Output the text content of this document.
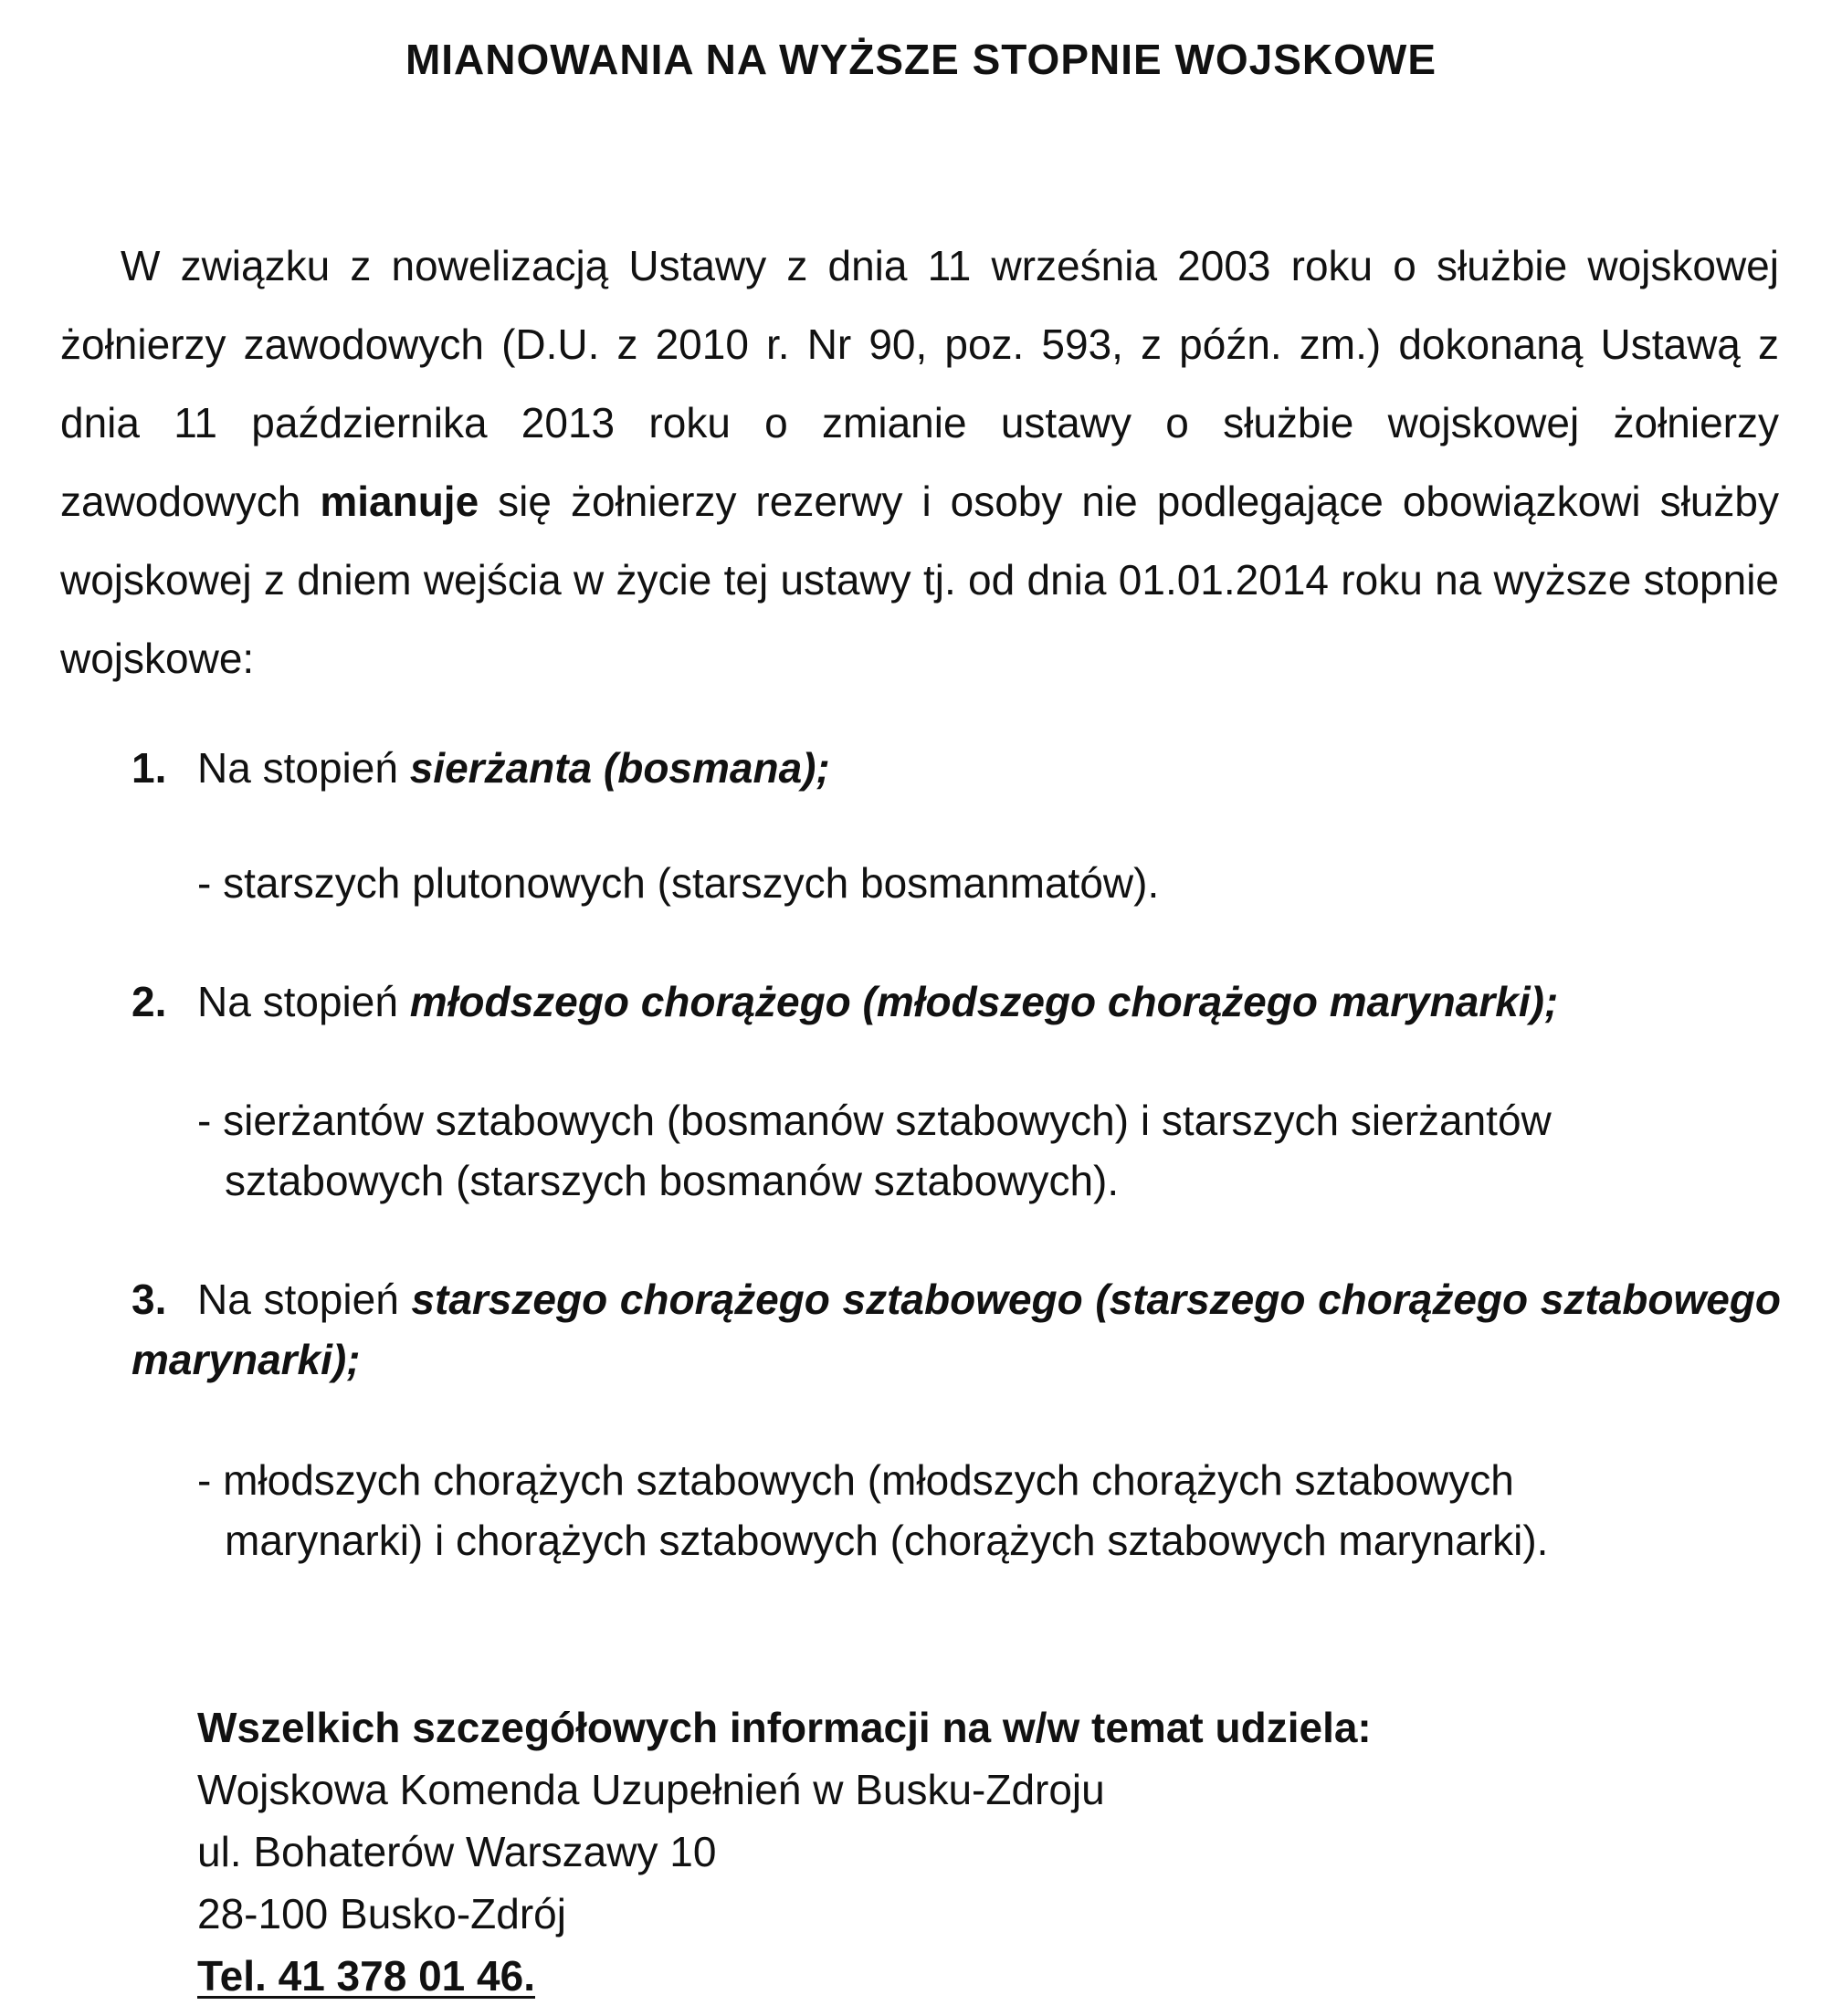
MIANOWANIA NA WYŻSZE STOPNIE WOJSKOWE

W związku z nowelizacją Ustawy z dnia 11 września 2003 roku o służbie wojskowej żołnierzy zawodowych (D.U. z 2010 r. Nr 90, poz. 593, z późn. zm.) dokonaną Ustawą z dnia 11 października 2013 roku o zmianie ustawy o służbie wojskowej żołnierzy zawodowych mianuje się żołnierzy rezerwy i osoby nie podlegające obowiązkowi służby wojskowej z dniem wejścia w życie tej ustawy tj. od dnia 01.01.2014 roku na wyższe stopnie wojskowe:

1. Na stopień sierżanta (bosmana);

- starszych plutonowych (starszych bosmanmatów).

2. Na stopień młodszego chorążego (młodszego chorążego marynarki);

- sierżantów sztabowych (bosmanów sztabowych) i starszych sierżantów
sztabowych (starszych bosmanów sztabowych).

3. Na stopień starszego chorążego sztabowego (starszego chorążego sztabowego marynarki);

- młodszych chorążych sztabowych (młodszych chorążych sztabowych
marynarki) i chorążych sztabowych (chorążych sztabowych marynarki).

Wszelkich szczegółowych informacji na w/w temat udziela:
Wojskowa Komenda Uzupełnień w Busku-Zdroju
ul. Bohaterów Warszawy 10
28-100 Busko-Zdrój
Tel. 41 378 01 46.
